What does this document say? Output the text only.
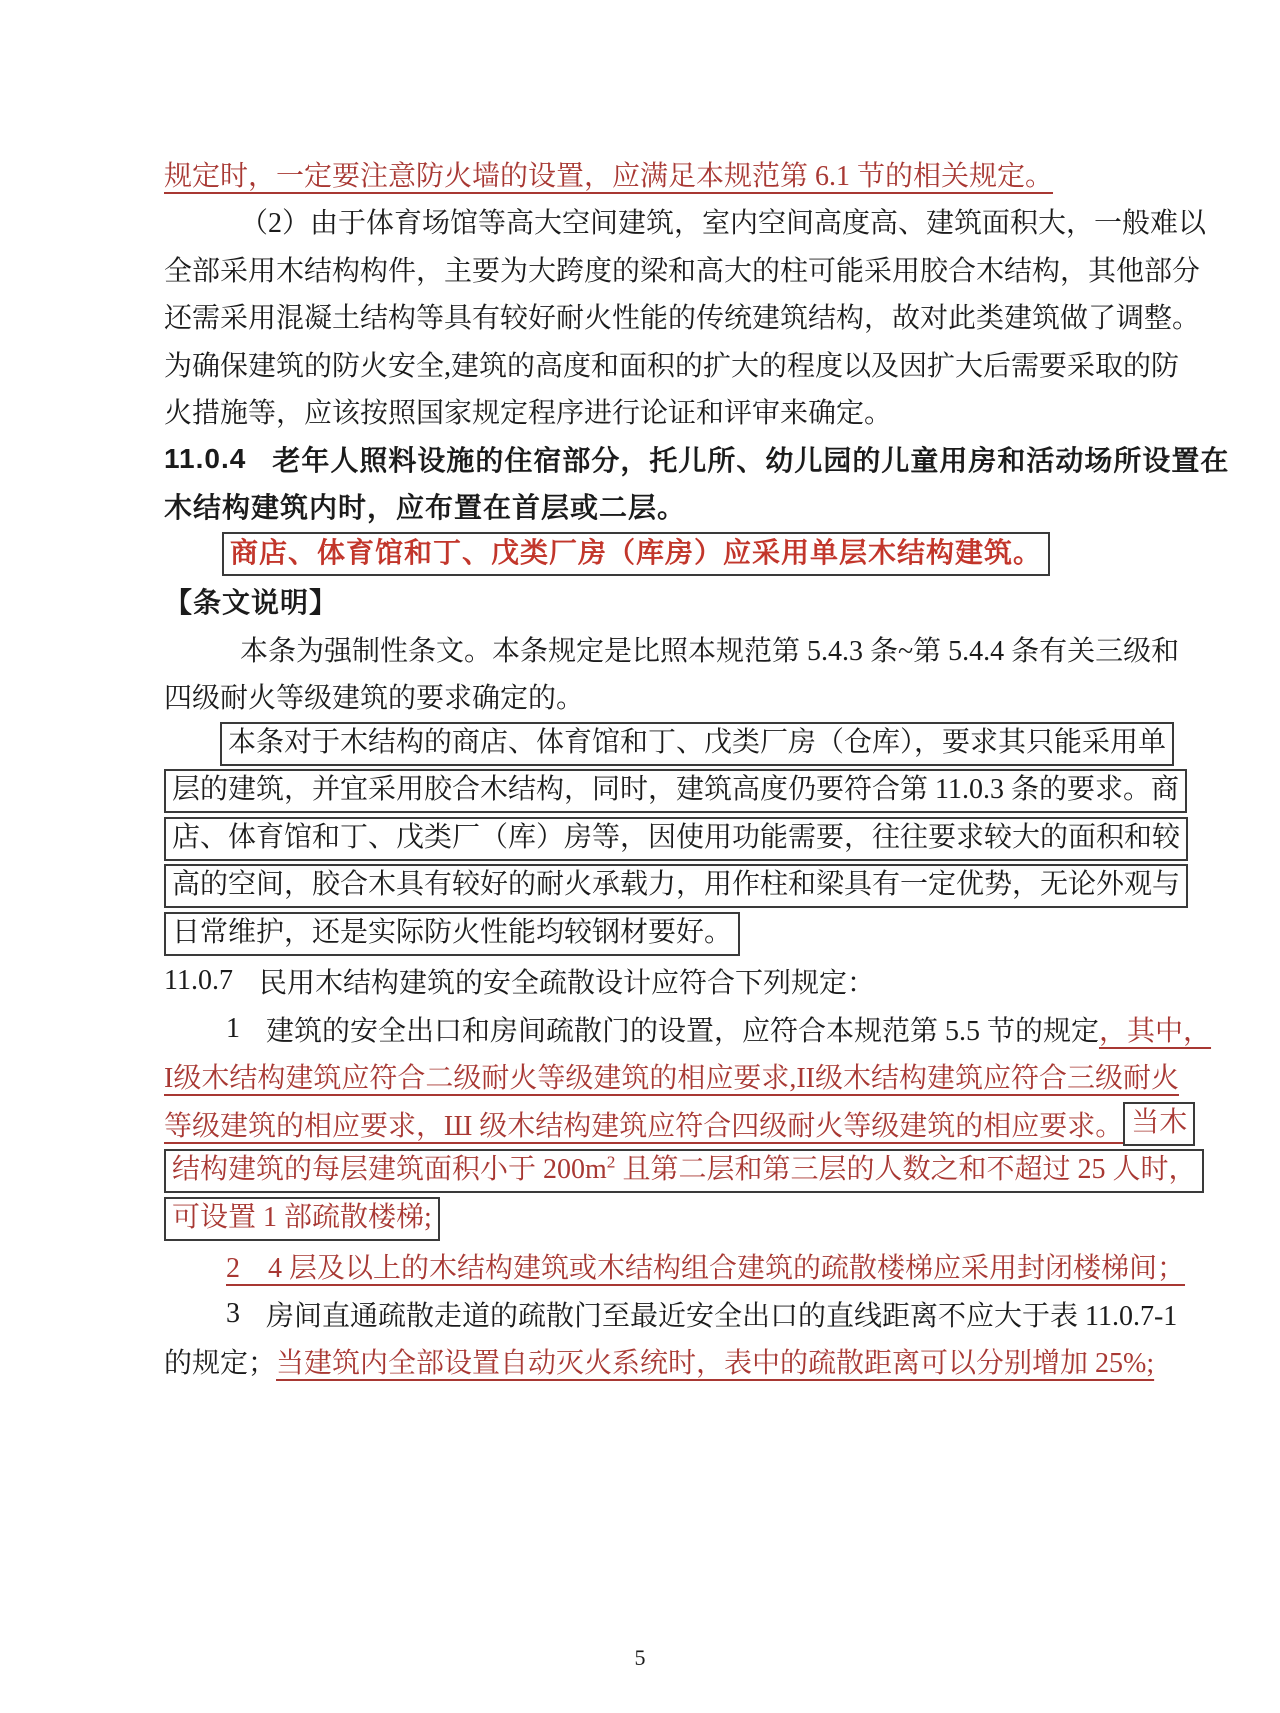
规定时，一定要注意防火墙的设置，应满足本规范第 6.1 节的相关规定。
（2）由于体育场馆等高大空间建筑，室内空间高度高、建筑面积大，一般难以
全部采用木结构构件，主要为大跨度的梁和高大的柱可能采用胶合木结构，其他部分
还需采用混凝土结构等具有较好耐火性能的传统建筑结构，故对此类建筑做了调整。
为确保建筑的防火安全,建筑的高度和面积的扩大的程度以及因扩大后需要采取的防
火措施等，应该按照国家规定程序进行论证和评审来确定。
11.0.4 老年人照料设施的住宿部分，托儿所、幼儿园的儿童用房和活动场所设置在
木结构建筑内时，应布置在首层或二层。
商店、体育馆和丁、戊类厂房（库房）应采用单层木结构建筑。
【条文说明】
本条为强制性条文。本条规定是比照本规范第 5.4.3 条~第 5.4.4 条有关三级和
四级耐火等级建筑的要求确定的。
本条对于木结构的商店、体育馆和丁、戊类厂房（仓库），要求其只能采用单
层的建筑，并宜采用胶合木结构，同时，建筑高度仍要符合第 11.0.3 条的要求。商
店、体育馆和丁、戊类厂（库）房等，因使用功能需要，往往要求较大的面积和较
高的空间，胶合木具有较好的耐火承载力，用作柱和梁具有一定优势，无论外观与
日常维护，还是实际防火性能均较钢材要好。
11.0.7 民用木结构建筑的安全疏散设计应符合下列规定：
1 建筑的安全出口和房间疏散门的设置，应符合本规范第 5.5 节的规定 ，其中，
I级木结构建筑应符合二级耐火等级建筑的相应要求,II级木结构建筑应符合三级耐火
等级建筑的相应要求，Ш 级木结构建筑应符合四级耐火等级建筑的相应要求。 当木
结构建筑的每层建筑面积小于 $200m^2$ 且第二层和第三层的人数之和不超过 25 人时，
可设置 1 部疏散楼梯;
2　4 层及以上的木结构建筑或木结构组合建筑的疏散楼梯应采用封闭楼梯间；
3 房间直通疏散走道的疏散门至最近安全出口的直线距离不应大于表 11.0.7-1
的规定； 当建筑内全部设置自动灭火系统时，表中的疏散距离可以分别增加 25%;
5
